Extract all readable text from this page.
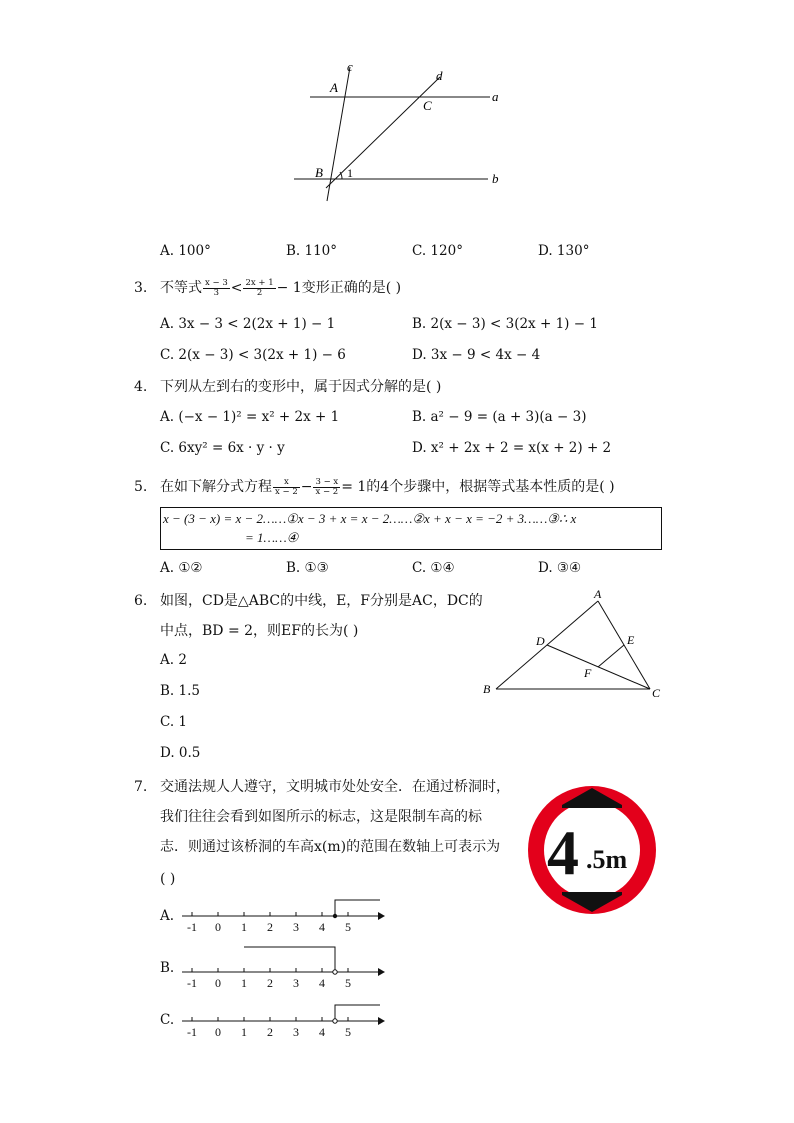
c
d
a
b
A
C
B 1
A. 100°	B. 110°	C. 120°	D. 130°
3. 不等式 $\frac{x - 3}{3} < \frac{2x + 1}{2} - 1$变形正确的是( )
A. 3x − 3 < 2(2x + 1) − 1	B. 2(x − 3) < 3(2x + 1) − 1
C. 2(x − 3) < 3(2x + 1) − 6	D. 3x − 9 < 4x − 4
4. 下列从左到右的变形中，属于因式分解的是( )
A. (−x − 1)² = x² + 2x + 1	B. a² − 9 = (a + 3)(a − 3)
C. 6xy² = 6x · y · y	D. x² + 2x + 2 = x(x + 2) + 2
5. 在如下解分式方程 $\frac{x}{x - 2} - \frac{3 - x}{x - 2} = 1$的4个步骤中，根据等式基本性质的是( )
x − (3 − x) = x − 2……①x − 3 + x = x − 2……②x + x − x = −2 + 3……③∴ x
= 1……④
A. ①②	B. ①③	C. ①④	D. ③④
6. 如图，CD是△ABC的中线，E，F分别是AC，DC的
中点，BD = 2，则EF的长为( )
A. 2
B. 1.5
C. 1
D. 0.5
A
D	E
F
B	C
7. 交通法规人人遵守，文明城市处处安全．在通过桥洞时，
我们往往会看到如图所示的标志，这是限制车高的标
志．则通过该桥洞的车高x(m)的范围在数轴上可表示为
( )	4 .5m
A.
-1 0 1 2 3 4 5
B.
-1 0 1 2 3 4 5
C.
-1 0 1 2 3 4 5
